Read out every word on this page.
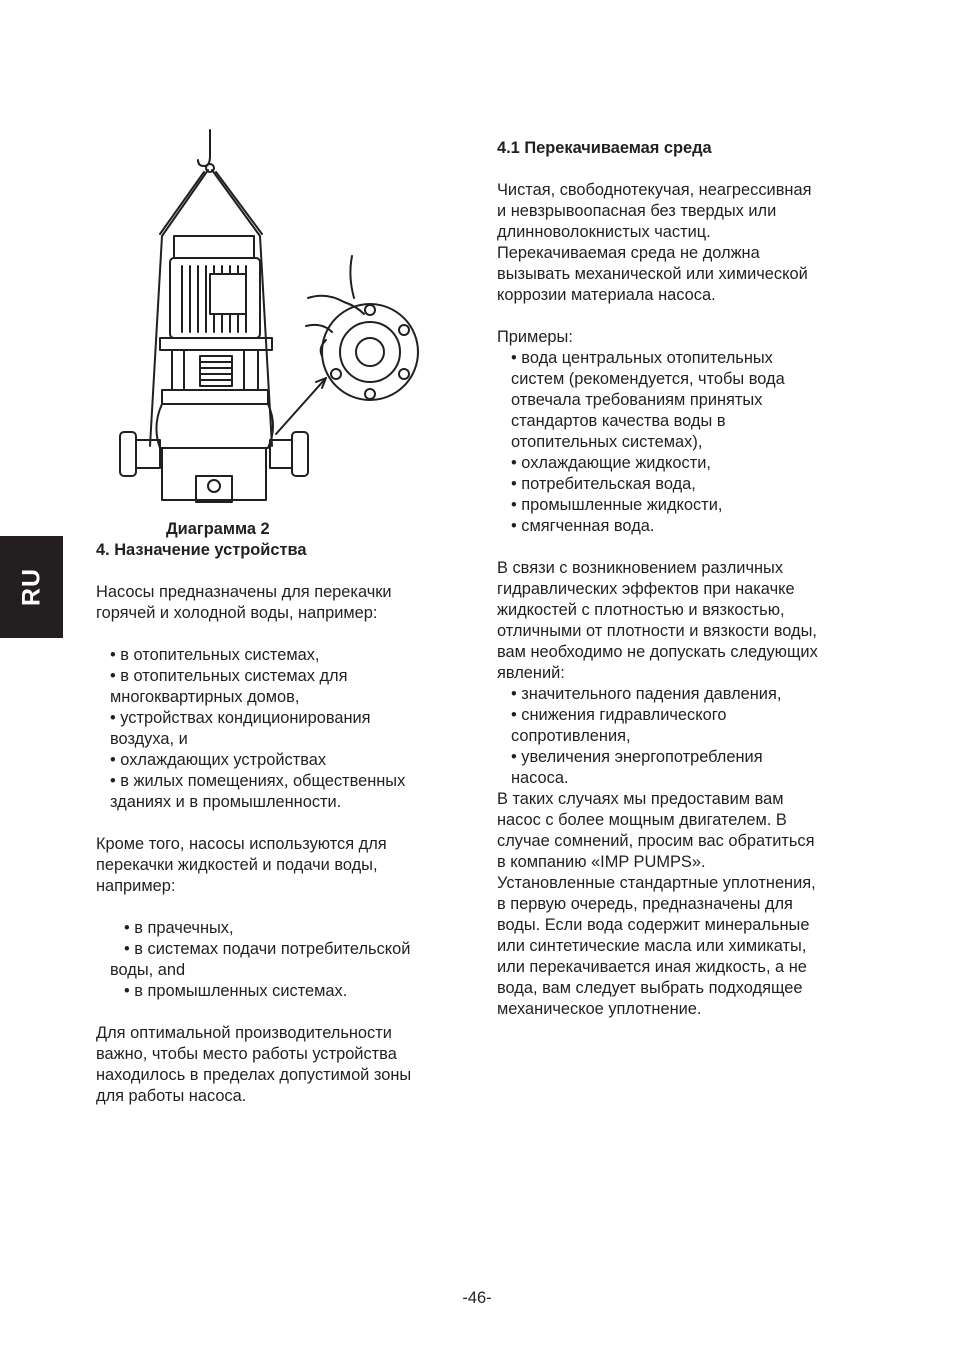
RU
Диаграмма 2
4. Назначение устройства
Насосы предназначены для перекачки
горячей и холодной воды, например:
• в отопительных системах,
• в отопительных системах для
многоквартирных домов,
• устройствах кондиционирования
воздуха, и
• охлаждающих устройствах
• в жилых помещениях, общественных
зданиях и в промышленности.
Кроме того, насосы используются для
перекачки жидкостей и подачи воды,
например:
• в прачечных,
• в системах подачи потребительской
воды, and
• в промышленных системах.
Для оптимальной производительности
важно, чтобы место работы устройства
находилось в пределах допустимой зоны
для работы насоса.
4.1 Перекачиваемая среда
Чистая, свободнотекучая, неагрессивная
и невзрывоопасная без твердых или
длинноволокнистых частиц.
Перекачиваемая среда не должна
вызывать механической или химической
коррозии материала насоса.
Примеры:
• вода центральных отопительных
систем (рекомендуется, чтобы вода
отвечала требованиям принятых
стандартов качества воды в
отопительных системах),
• охлаждающие жидкости,
• потребительская вода,
• промышленные жидкости,
• смягченная вода.
В связи с возникновением различных
гидравлических эффектов при накачке
жидкостей с плотностью и вязкостью,
отличными от плотности и вязкости воды,
вам необходимо не допускать следующих
явлений:
• значительного падения давления,
• снижения гидравлического
сопротивления,
• увеличения энергопотребления
насоса.
В таких случаях мы предоставим вам
насос с более мощным двигателем. В
случае сомнений, просим вас обратиться
в компанию «IMP PUMPS».
Установленные стандартные уплотнения,
в первую очередь, предназначены для
воды. Если вода содержит минеральные
или синтетические масла или химикаты,
или перекачивается иная жидкость, а не
вода, вам следует выбрать подходящее
механическое уплотнение.
-46-
